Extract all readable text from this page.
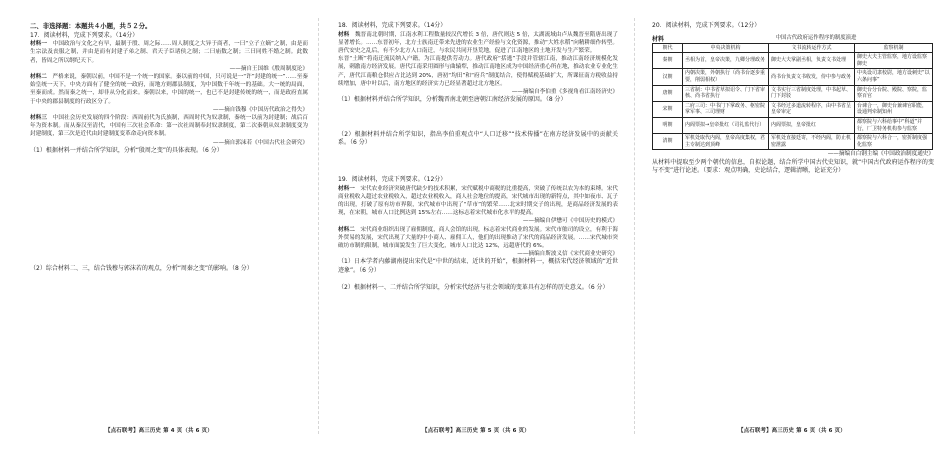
二、非选择题：本题共４小题，共５２分。

17．阅读材料，完成下列要求。（14分）

材料一　 中国政治与文化之有早，最制于殷、周之际……周人制度之大异于商者，一曰“立子立嫡”之制，由是而生宗法及丧服之制，并由是而有封建子弟之制、君天子臣诸侯之制；二曰庙数之制；三曰同姓不婚之制。此数者，皆周之所以纲纪天下。

——摘自王国维《殷周制度论》

材料二　 严格来说，秦朝以前，中国不是一个统一的国家。秦以前的中国，只可说是一“许”封建的统一”……至秦始皇统一天下，中央方面有了健全的统一政府，而地方则郡县制度，为中国数千年统一的基础。大一统的局面，至秦而成。然而秦之统一，却非从分化而来。秦朝以来，中国的统一，也已不是封建传统的统一，而是政府直属于中央的郡县制度的行政区分了。

——摘自钱穆《中国历代政治之得失》

材料三　 中国社会历史发展的四个阶段：西周前代为氏族制，西周时代为奴隶制，秦统一以前为封建制；战后百年为资本制。而从秦汉至清代，中国有三次社会革命：第一次社周制奉封奴隶制度，第二次秦朝从奴隶制度变为封建制度，第三次是近代由封建制度变革命走向资本制。

——摘自郭沫若《中国古代社会研究》

（1）根据材料一并结合所学知识，分析“殷周之变”的具体表现。（6 分）

（2）综合材料二、三，结合钱穆与郭沫若的观点，分析“周秦之变”的影响。（8 分）

【点石联考】高三历史 第 4 页（共 6 页）

18．阅读材料，完成下列要求。（14分）

材料　 魏晋南北朝时期，江南水利工程数量较汉代增长 3 倍，唐代则达 5 倍，太湖流域由卢从魏晋至隋唐出现了显著增长。……东晋初年，北方士族南迁带来先进的农业生产经验与文化资源，推动“大姓水稻”向精耕细作转型。唐代安史之乱后，有不少北方人口南迁，与农民共同开垦荒地，促进了江南地区的土地开发与生产繁荣。

东晋“土断”将南迁流民纳入户籍，为江南提供劳动力。唐代政府“括逃”手段并管辖江南，推动江南经济规模化发展，刺激南方经济发展。唐代江南采用圆形与曲辕犁，推动江南地区成为中国经济重心所在地，推动农业专业化生产，唐代江南粮仓供应占比达到 20%，唐初“均田”和“府兵”制度结合，使得赋税基础扩大，所课征南方税收益持续增加，唐中叶以后，南方地区的经济实力已经显著超过北方地区。

——摘编自李伯重《多视角看江南经济史》

（1）根据材料并结合所学知识，分析魏晋南北朝至唐朝江南经济发展的原因。（8 分）

（2）根据材料并结合所学知识，指出李伯重观点中“人口迁移”“技术传播”在南方经济发展中的贡献关系。（6 分）

19．阅读材料，完成下列要求。（12分）

材料一　 宋代农业经济突破唐代缺少的技术积累，宋代赋税中商税的比重提高，突破了传统以农为本的束缚。宋代商业税收入超过农业税收入，超过农业税收入，商人社会地位的提高，宋代城市出现的新特点，其中如夜市、瓦子的出现，打破了原有坊市界限，宋代城市中出现了“草市”的繁荣……北宋时期交子的出现，是商品经济发展的表现，在宋朝，城市人口比例达到 15%左右……这标志着宋代城市化水平的提高。

——摘编自伊懋可《中国历史的模式》

材料二　 宋代商业组织出现了雇佣制度，商人会馆的出现，标志着宋代商业的发展。宋代市舶司的设立，有利于海外贸易的发展，宋代出现了大量的中小商人、雇佣工人，他们的出现推动了宋代的商品经济发展。……宋代城市突破坊市制的限制，城市面貌发生了巨大变化，城市人口比达 12%，远超唐代的 6%。

——摘编自斯波义信《宋代商业史研究》

（1）日本学者内藤湖南提出宋代是“中世的结束、近世的开始”，根据材料一，概括宋代经济领域的“近世迹象”。（6 分）

（2）根据材料一、二并结合所学知识，分析宋代经济与社会领域的变革具有怎样的历史意义。（6 分）

【点石联考】高三历史 第 5 页（共 6 页）

20．阅读材料，完成下列要求。（12分）

材料	中国古代政府运作程序的制度演进
朝代	中央决策机构	文书流转运作方式	监察机制
秦朝	丞相为首，皇帝决策，九卿分理政务	御史大夫掌副丞相，负责文书处理	御史大夫主管监察，地方设监察御史
汉朝	内朝决策，外朝执行（尚书台逐步重要，削弱相权）	尚书台负责文书收发，侍中参与政务	中央设司隶校尉，地方设刺史“以六条问事”
唐朝	三省制：中书省草拟诏令、门下省审核、尚书省执行	文书实行三省制度处理，中书起草、门下封驳	御史台分台院、殿院、察院，监察百官
宋朝	二府三司：中书门下掌政务、枢密院掌军事、三司理财	文书经过多道流转程序，由中书省呈皇帝审定	台谏合一，御史台兼谏官职能，设通判牵制知州
明朝	内阁票拟→皇帝批红（司礼监代行）	内阁票拟，皇帝批红	都察院与六科给事中“科道”并行，厂卫特务机构参与监察
清朝	军机处取代内阁，皇帝高度集权，君主专制达到顶峰	军机处直接廷寄，不经内阁，防止机密泄露	都察院与六科合一，密折制度强化监察

——摘编自白钢主编《中国政治制度通史》

从材料中提取至少两个朝代的信息，自拟论题，结合所学中国古代史知识，就“中国古代政府运作程序的变与不变”进行论述。（要求：观点明确，史论结合，逻辑清晰，论证充分）

【点石联考】高三历史 第 6 页（共 6 页）
